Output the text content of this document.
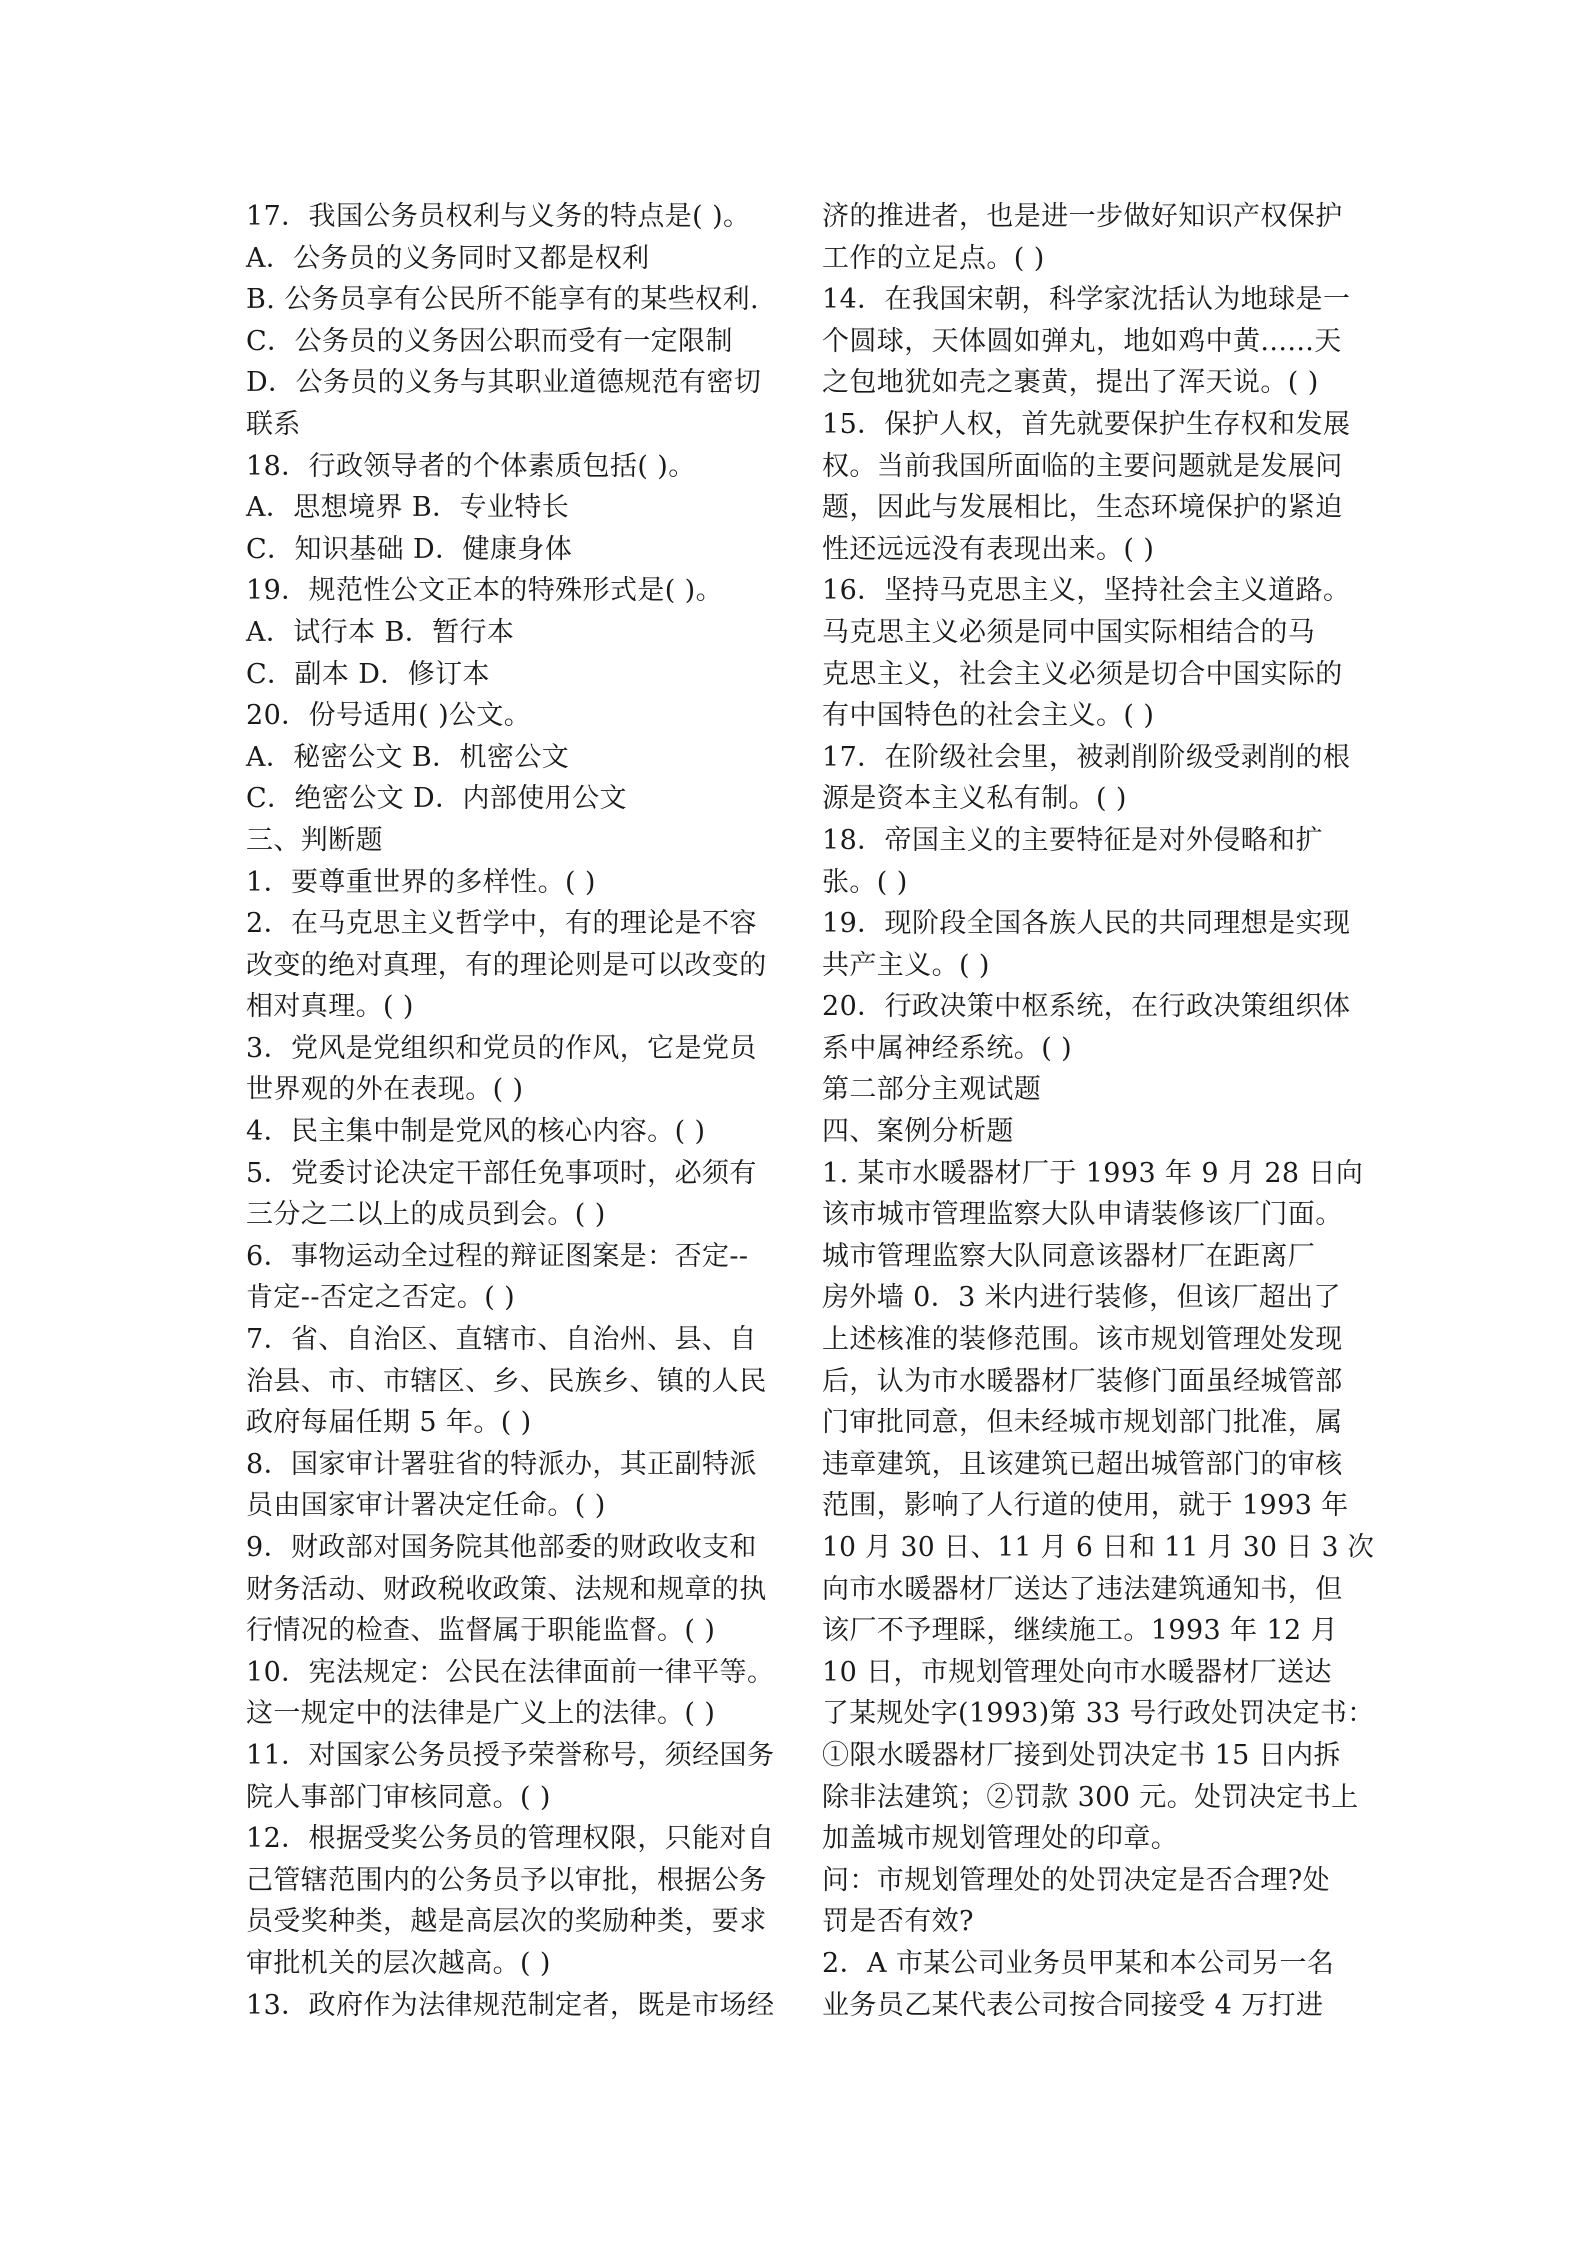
17．我国公务员权利与义务的特点是( )。
A．公务员的义务同时又都是权利
B. 公务员享有公民所不能享有的某些权利.
C．公务员的义务因公职而受有一定限制
D．公务员的义务与其职业道德规范有密切
联系
18．行政领导者的个体素质包括( )。
A．思想境界 B．专业特长
C．知识基础 D．健康身体
19．规范性公文正本的特殊形式是( )。
A．试行本 B．暂行本
C．副本 D．修订本
20．份号适用( )公文。
A．秘密公文 B．机密公文
C．绝密公文 D．内部使用公文
三、判断题
1．要尊重世界的多样性。( )
2．在马克思主义哲学中，有的理论是不容
改变的绝对真理，有的理论则是可以改变的
相对真理。( )
3．党风是党组织和党员的作风，它是党员
世界观的外在表现。( )
4．民主集中制是党风的核心内容。( )
5．党委讨论决定干部任免事项时，必须有
三分之二以上的成员到会。( )
6．事物运动全过程的辩证图案是：否定--
肯定--否定之否定。( )
7．省、自治区、直辖市、自治州、县、自
治县、市、市辖区、乡、民族乡、镇的人民
政府每届任期 5 年。( )
8．国家审计署驻省的特派办，其正副特派
员由国家审计署决定任命。( )
9．财政部对国务院其他部委的财政收支和
财务活动、财政税收政策、法规和规章的执
行情况的检查、监督属于职能监督。( )
10．宪法规定：公民在法律面前一律平等。
这一规定中的法律是广义上的法律。( )
11．对国家公务员授予荣誉称号，须经国务
院人事部门审核同意。( )
12．根据受奖公务员的管理权限，只能对自
己管辖范围内的公务员予以审批，根据公务
员受奖种类，越是高层次的奖励种类，要求
审批机关的层次越高。( )
13．政府作为法律规范制定者，既是市场经
济的推进者，也是进一步做好知识产权保护
工作的立足点。( )
14．在我国宋朝，科学家沈括认为地球是一
个圆球，天体圆如弹丸，地如鸡中黄......天
之包地犹如壳之裹黄，提出了浑天说。( )
15．保护人权，首先就要保护生存权和发展
权。当前我国所面临的主要问题就是发展问
题，因此与发展相比，生态环境保护的紧迫
性还远远没有表现出来。( )
16．坚持马克思主义，坚持社会主义道路。
马克思主义必须是同中国实际相结合的马
克思主义，社会主义必须是切合中国实际的
有中国特色的社会主义。( )
17．在阶级社会里，被剥削阶级受剥削的根
源是资本主义私有制。( )
18．帝国主义的主要特征是对外侵略和扩
张。( )
19．现阶段全国各族人民的共同理想是实现
共产主义。( )
20．行政决策中枢系统，在行政决策组织体
系中属神经系统。( )
第二部分主观试题
四、案例分析题
1. 某市水暖器材厂于 1993 年 9 月 28 日向
该市城市管理监察大队申请装修该厂门面。
城市管理监察大队同意该器材厂在距离厂
房外墙 0．3 米内进行装修，但该厂超出了
上述核准的装修范围。该市规划管理处发现
后，认为市水暖器材厂装修门面虽经城管部
门审批同意，但未经城市规划部门批准，属
违章建筑，且该建筑已超出城管部门的审核
范围，影响了人行道的使用，就于 1993 年
10 月 30 日、11 月 6 日和 11 月 30 日 3 次
向市水暖器材厂送达了违法建筑通知书，但
该厂不予理睬，继续施工。1993 年 12 月
10 日，市规划管理处向市水暖器材厂送达
了某规处字(1993)第 33 号行政处罚决定书：
①限水暖器材厂接到处罚决定书 15 日内拆
除非法建筑；②罚款 300 元。处罚决定书上
加盖城市规划管理处的印章。
问：市规划管理处的处罚决定是否合理?处
罚是否有效?
2．A 市某公司业务员甲某和本公司另一名
业务员乙某代表公司按合同接受 4 万打进
